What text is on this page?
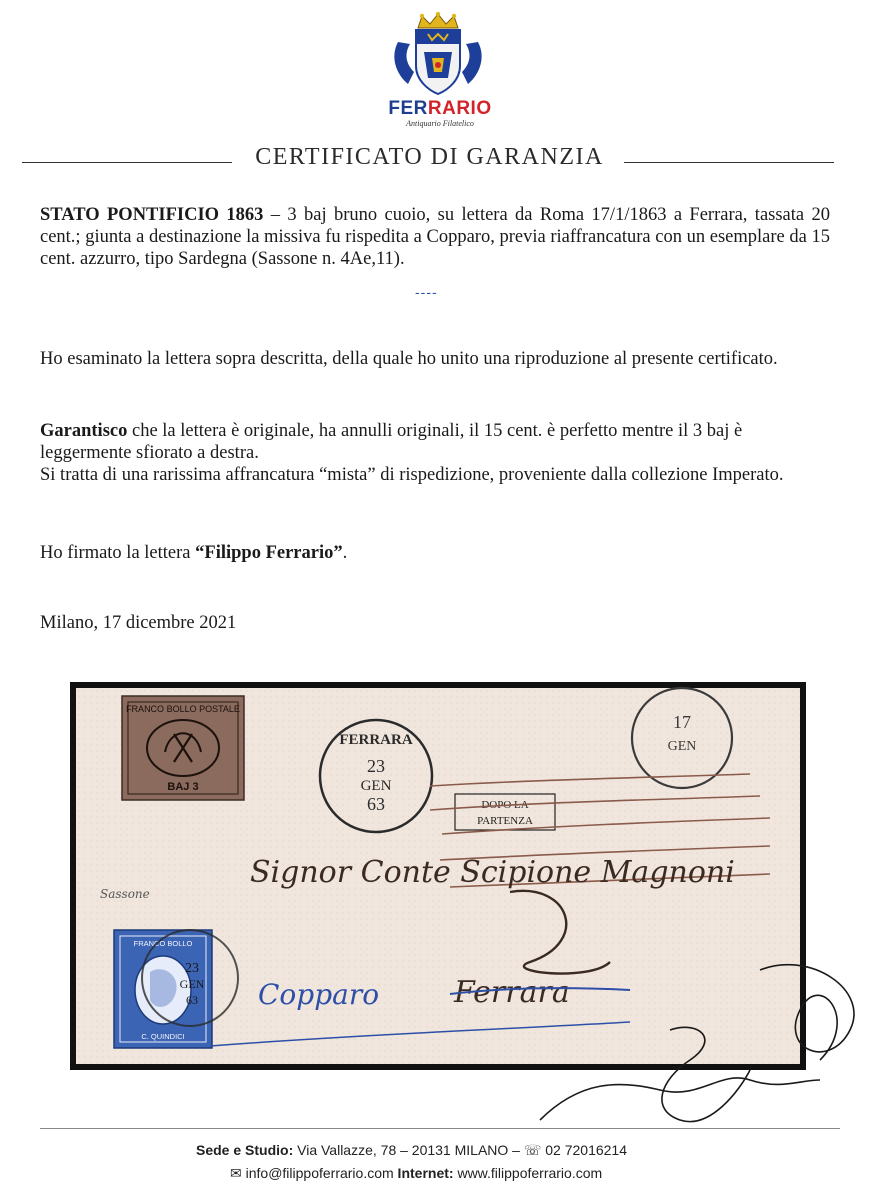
FERRARIO
Antiquario Filatelico
CERTIFICATO DI GARANZIA
STATO PONTIFICIO 1863 – 3 baj bruno cuoio, su lettera da Roma 17/1/1863 a Ferrara, tassata 20 cent.; giunta a destinazione la missiva fu rispedita a Copparo, previa riaffrancatura con un esemplare da 15 cent. azzurro, tipo Sardegna (Sassone n. 4Ae,11).
----
Ho esaminato la lettera sopra descritta, della quale ho unito una riproduzione al presente certificato.
Garantisco che la lettera è originale, ha annulli originali, il 15 cent. è perfetto mentre il 3 baj è leggermente sfiorato a destra.
Si tratta di una rarissima affrancatura “mista” di rispedizione, proveniente dalla collezione Imperato.
Ho firmato la lettera “Filippo Ferrario”.
Milano, 17 dicembre 2021
FRANCO BOLLO POSTALE
BAJ 3
FERRARA
23
GEN
63
17
GEN
DOPO LA
PARTENZA
Signor Conte Scipione Magnoni
Sassone
FRANCO BOLLO
C. QUINDICI
23
GEN
63 Copparo Ferrara
Sede e Studio: Via Vallazze, 78 – 20131 MILANO – ☏ 02 72016214
✉ info@filippoferrario.com Internet: www.filippoferrario.com
